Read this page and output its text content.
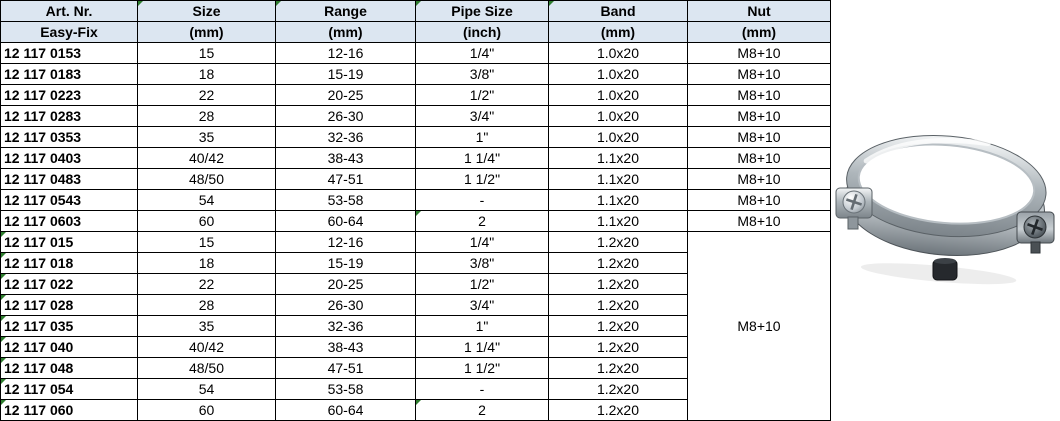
Art. Nr.	Size	Range	Pipe Size	Band	Nut
Easy-Fix	(mm)	(mm)	(inch)	(mm)	(mm)
12 117 0153	15	12-16	1/4"	1.0x20	M8+10
12 117 0183	18	15-19	3/8"	1.0x20	M8+10
12 117 0223	22	20-25	1/2"	1.0x20	M8+10
12 117 0283	28	26-30	3/4"	1.0x20	M8+10
12 117 0353	35	32-36	1"	1.0x20	M8+10
12 117 0403	40/42	38-43	1 1/4"	1.1x20	M8+10
12 117 0483	48/50	47-51	1 1/2"	1.1x20	M8+10
12 117 0543	54	53-58	-	1.1x20	M8+10
12 117 0603	60	60-64	2	1.1x20	M8+10

12 117 015	15	12-16	1/4"	1.2x20	M8+10

12 117 018	18	15-19	3/8"	1.2x20	

12 117 022	22	20-25	1/2"	1.2x20	

12 117 028	28	26-30	3/4"	1.2x20	

12 117 035	35	32-36	1"	1.2x20	

12 117 040	40/42	38-43	1 1/4"	1.2x20	

12 117 048	48/50	47-51	1 1/2"	1.2x20	

12 117 054	54	53-58	-	1.2x20	

12 117 060	60	60-64	2	1.2x20	
